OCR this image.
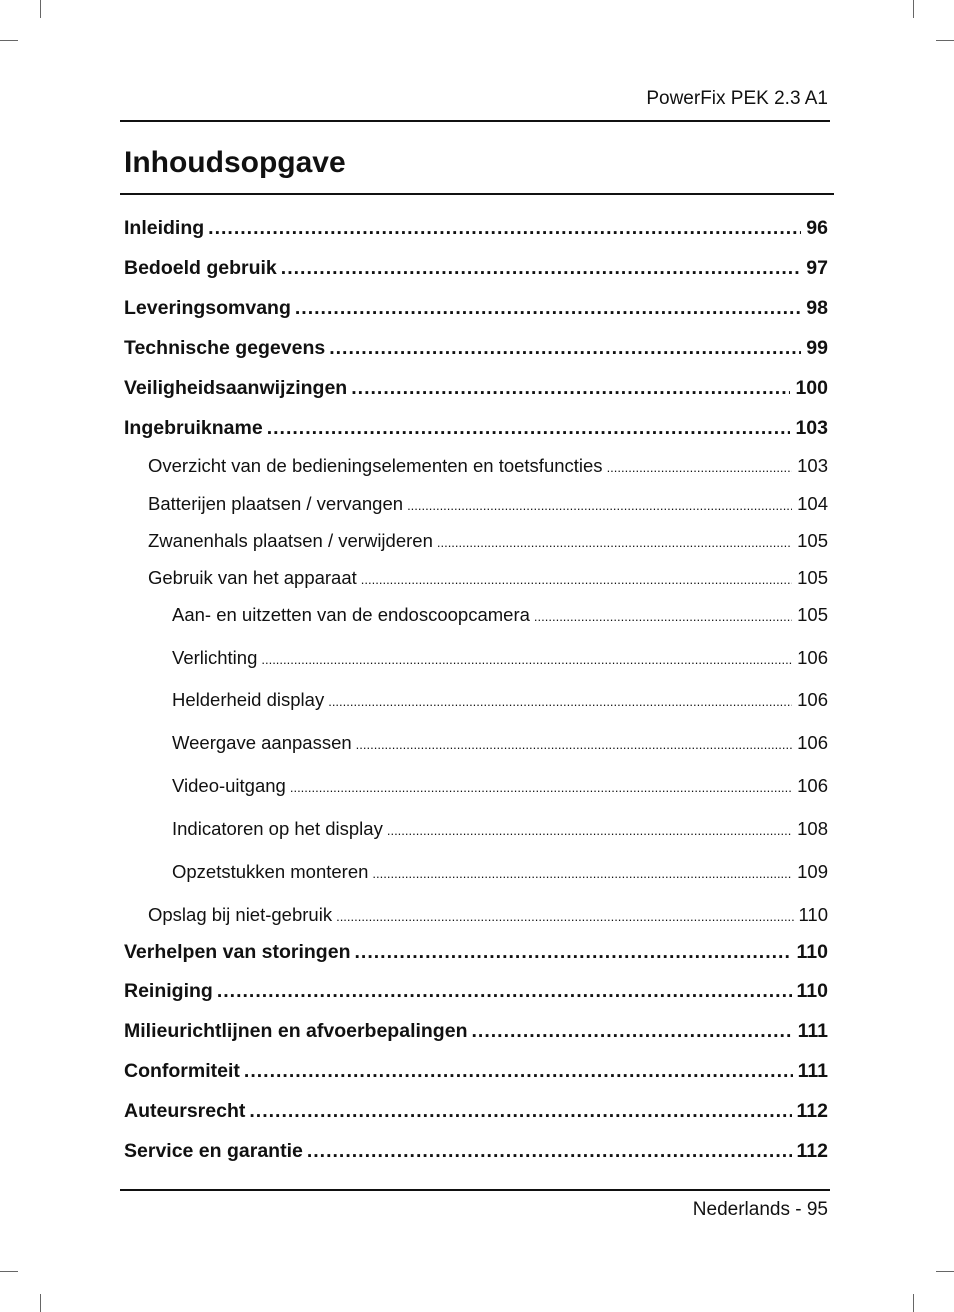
PowerFix PEK 2.3 A1
Inhoudsopgave
Inleiding .....	96
Bedoeld gebruik .....	97
Leveringsomvang .....	98
Technische gegevens .....	99
Veiligheidsaanwijzingen .....	100
Ingebruikname .....	103
Overzicht van de bedieningselementen en toetsfuncties .....	103
Batterijen plaatsen / vervangen .....	104
Zwanenhals plaatsen / verwijderen .....	105
Gebruik van het apparaat .....	105
Aan- en uitzetten van de endoscoopcamera .....	105
Verlichting .....	106
Helderheid display .....	106
Weergave aanpassen .....	106
Video-uitgang .....	106
Indicatoren op het display .....	108
Opzetstukken monteren .....	109
Opslag bij niet-gebruik .....	110
Verhelpen van storingen .....	110
Reiniging .....	110
Milieurichtlijnen en afvoerbepalingen .....	111
Conformiteit .....	111
Auteursrecht .....	112
Service en garantie .....	112
Nederlands - 95
